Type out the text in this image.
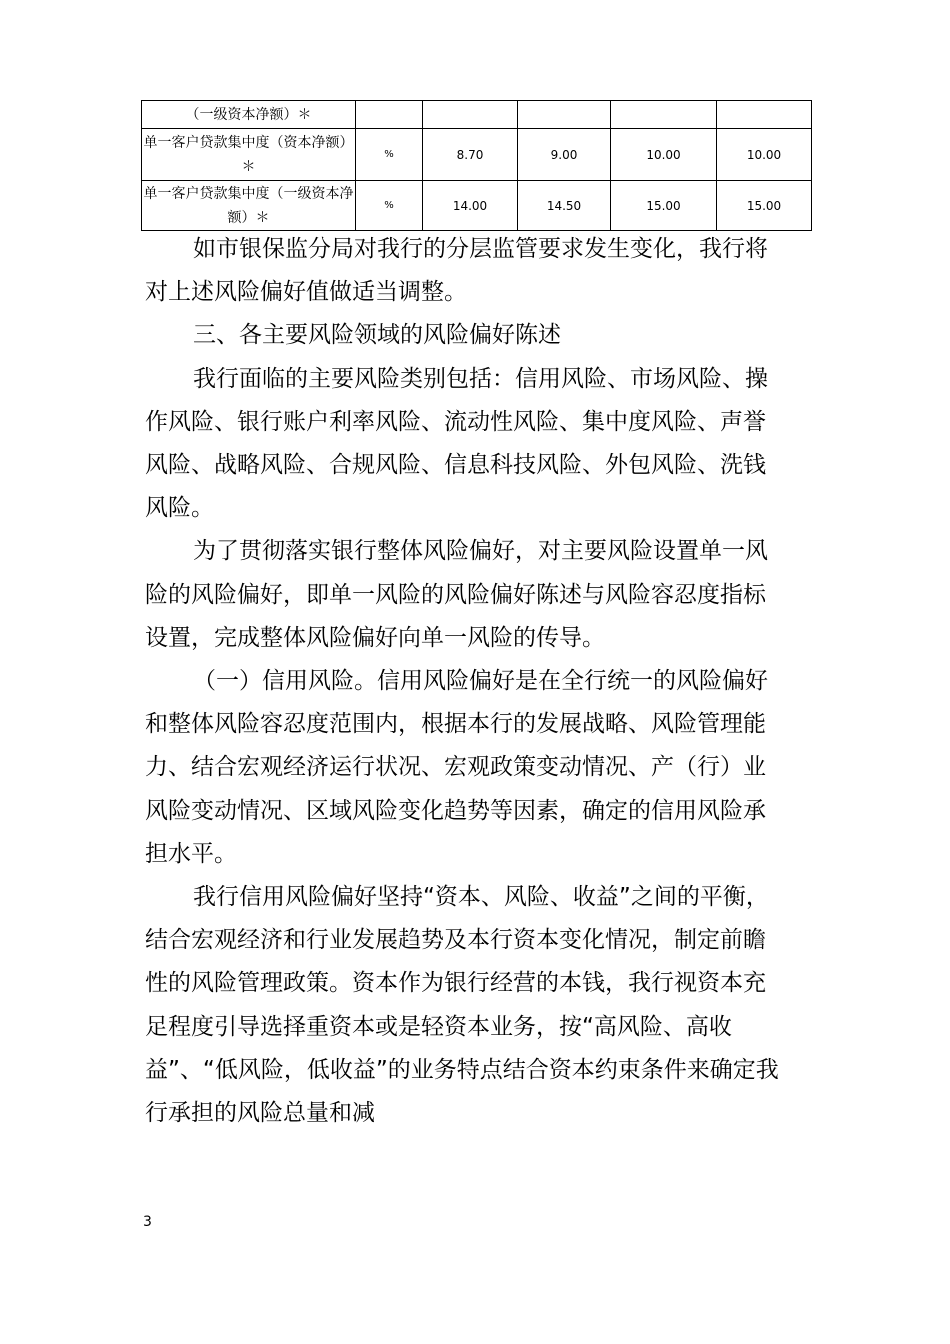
（一级资本净额）＊					
单一客户贷款集中度（资本净额）＊	%	8.70	9.00	10.00	10.00
单一客户贷款集中度（一级资本净额）＊	%	14.00	14.50	15.00	15.00

如市银保监分局对我行的分层监管要求发生变化，我行将对上述风险偏好值做适当调整。

三、各主要风险领域的风险偏好陈述

我行面临的主要风险类别包括：信用风险、市场风险、操作风险、银行账户利率风险、流动性风险、集中度风险、声誉风险、战略风险、合规风险、信息科技风险、外包风险、洗钱风险。

为了贯彻落实银行整体风险偏好，对主要风险设置单一风险的风险偏好，即单一风险的风险偏好陈述与风险容忍度指标设置，完成整体风险偏好向单一风险的传导。

（一）信用风险。信用风险偏好是在全行统一的风险偏好和整体风险容忍度范围内，根据本行的发展战略、风险管理能力、结合宏观经济运行状况、宏观政策变动情况、产（行）业风险变动情况、区域风险变化趋势等因素，确定的信用风险承担水平。

我行信用风险偏好坚持“资本、风险、收益”之间的平衡，结合宏观经济和行业发展趋势及本行资本变化情况，制定前瞻性的风险管理政策。资本作为银行经营的本钱，我行视资本充足程度引导选择重资本或是轻资本业务，按“高风险、高收益”、“低风险，低收益”的业务特点结合资本约束条件来确定我行承担的风险总量和减

3
